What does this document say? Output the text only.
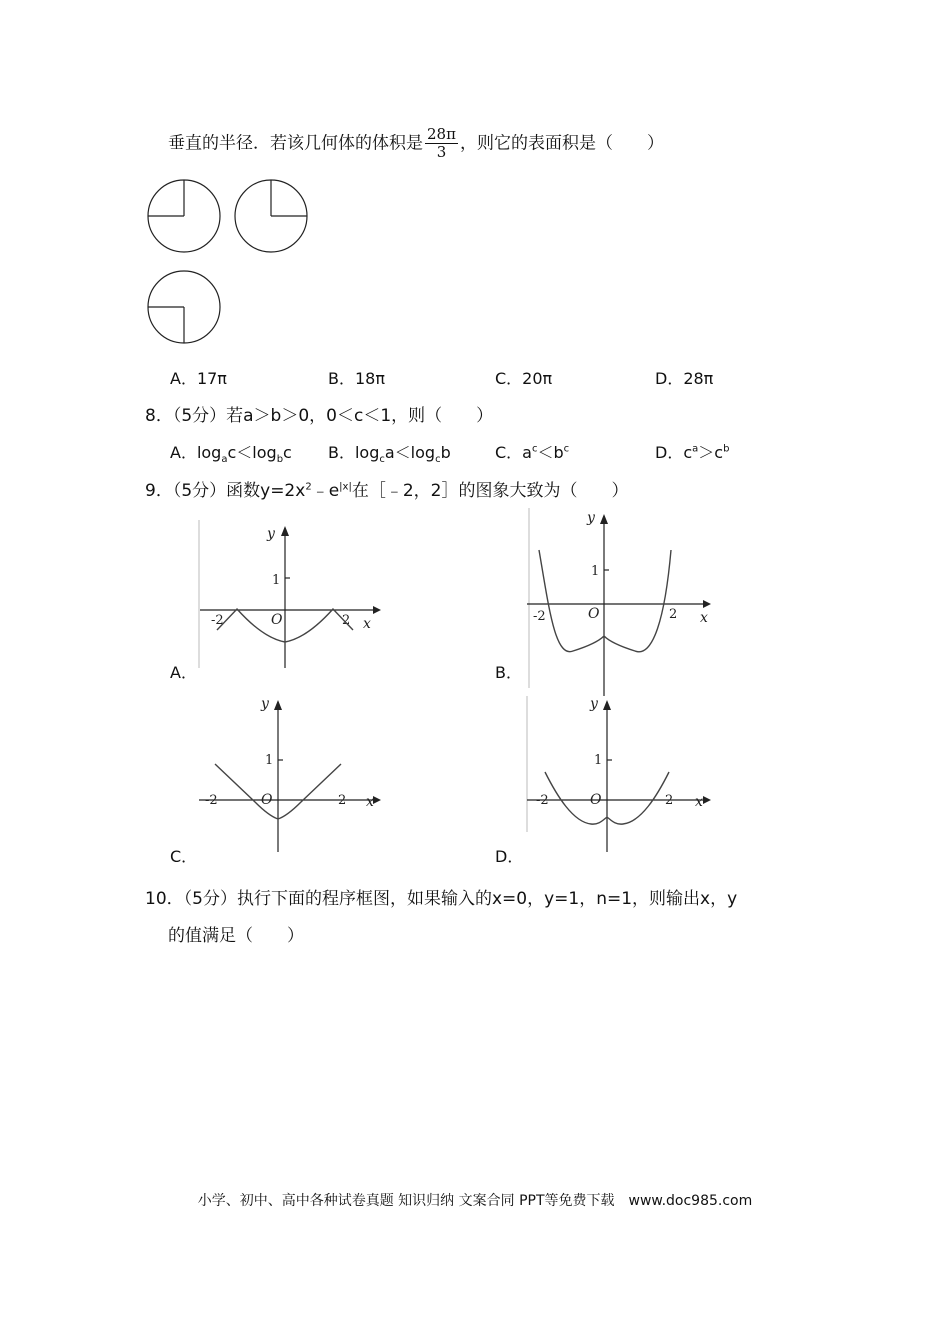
垂直的半径．若该几何体的体积是 $\frac{28\pi}{3}$ ，则它的表面积是（　　）
A．17π	B．18π	C．20π	D．28π
8．（5分）若a＞b＞0，0＜c＜1，则（　　）
A．$\log_ac<\log_bc$ B．$\log_ca<\log_cb$	C．$a^c<b^c$	D．$c^a>c^b$
9．（5分）函数$y=2x^2﹣e^{|x|}$在［﹣2，2］的图象大致为（　　）
y
x
O
-2	2
1
A．
y
x
O
-2	2
1
B．
y
x
O
-2	2
1
C．
y
x
O
-2	2
1
D．
10．（5分）执行下面的程序框图，如果输入的x=0，y=1，n=1，则输出x，y
的值满足（　　）
小学、初中、高中各种试卷真题 知识归纳 文案合同 PPT等免费下载　www.doc985.com
